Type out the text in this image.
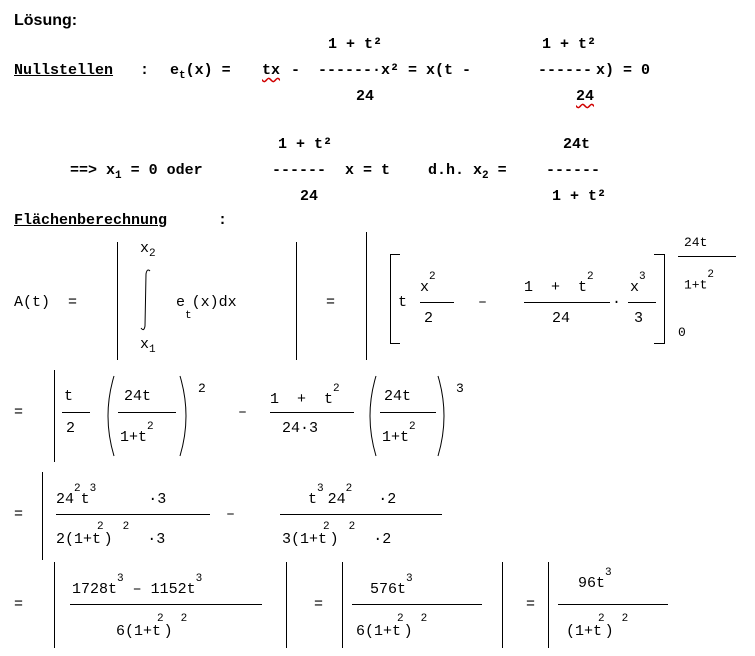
Lösung:
Nullstellen : $e_t(x)$ = tx -
1 + t²
------
24
·x² = x(t -
1 + t²
------ x) = 0
24
==> $x_1 = 0$ oder
1 + t²
------
24
x = t	d.h. $x_2$ =
24t
------
1 + t²
Flächenberechnung	:
A(t)  =
$x_2$
$x_1$
$e_t(x)dx$	=	t
$x^2$
2
–
$1 + t^2$
24
·
$x^3$
3
24t
$1+t^2$
0
=
t
2
24t
$1+t^2$
2
–
$1 + t^2$
24·3
24t
$1+t^2$
3
=
$24^2t^3\cdot 3$
$2(1+t^2)^2\cdot 3$
–
$t^324^2\cdot 2$
$3(1+t^2)^2\cdot 2$
=
$1728t^3 - 1152t^3$
$6(1+t^2)^2$
=
$576t^3$
$6(1+t^2)^2$
=
$96t^3$
$(1+t^2)^2$
